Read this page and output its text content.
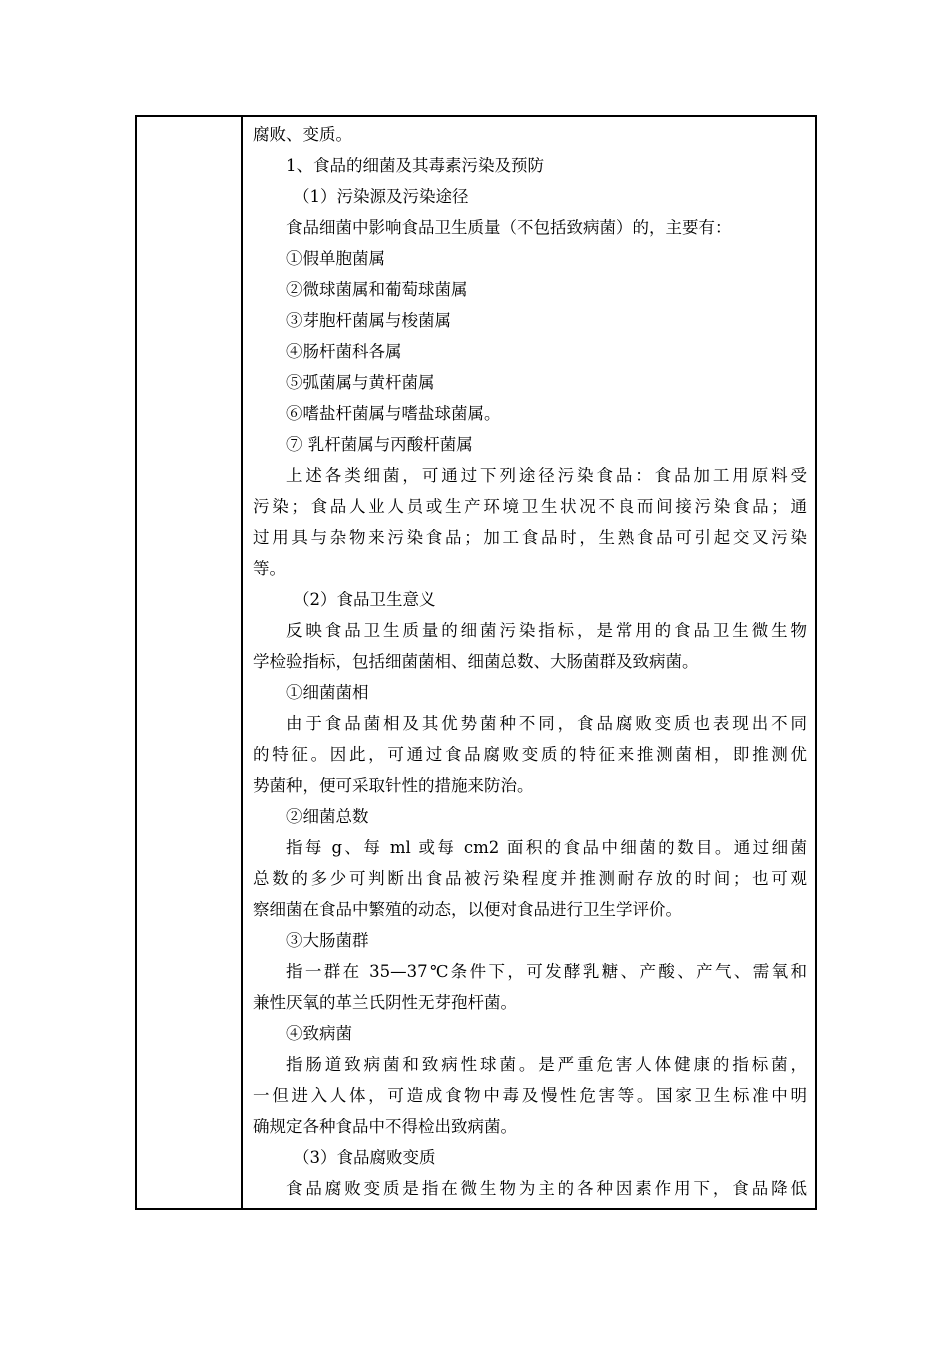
腐败、变质。
1、食品的细菌及其毒素污染及预防
（1）污染源及污染途径
食品细菌中影响食品卫生质量（不包括致病菌）的，主要有：
①假单胞菌属
②微球菌属和葡萄球菌属
③芽胞杆菌属与梭菌属
④肠杆菌科各属
⑤弧菌属与黄杆菌属
⑥嗜盐杆菌属与嗜盐球菌属。
⑦ 乳杆菌属与丙酸杆菌属
上述各类细菌，可通过下列途径污染食品：食品加工用原料受
污染；食品人业人员或生产环境卫生状况不良而间接污染食品；通
过用具与杂物来污染食品；加工食品时，生熟食品可引起交叉污染
等。
（2）食品卫生意义
反映食品卫生质量的细菌污染指标，是常用的食品卫生微生物
学检验指标，包括细菌菌相、细菌总数、大肠菌群及致病菌。
①细菌菌相
由于食品菌相及其优势菌种不同，食品腐败变质也表现出不同
的特征。因此，可通过食品腐败变质的特征来推测菌相，即推测优
势菌种，便可采取针性的措施来防治。
②细菌总数
指每 g、每 ml 或每 cm2 面积的食品中细菌的数目。通过细菌
总数的多少可判断出食品被污染程度并推测耐存放的时间；也可观
察细菌在食品中繁殖的动态，以便对食品进行卫生学评价。
③大肠菌群
指一群在 35—37℃条件下，可发酵乳糖、产酸、产气、需氧和
兼性厌氧的革兰氏阴性无芽孢杆菌。
④致病菌
指肠道致病菌和致病性球菌。是严重危害人体健康的指标菌，
一但进入人体，可造成食物中毒及慢性危害等。国家卫生标准中明
确规定各种食品中不得检出致病菌。
（3）食品腐败变质
食品腐败变质是指在微生物为主的各种因素作用下，食品降低
